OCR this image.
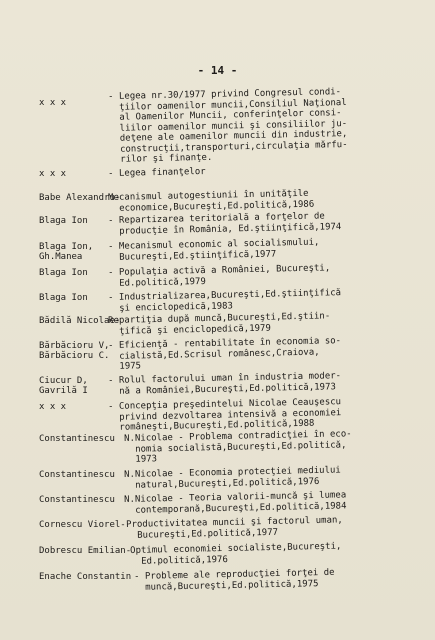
- 14 -
x x x
- Legea nr.30/1977 privind Congresul condi-
ţiilor oamenilor muncii,Consiliul Naţional
al Oamenilor Muncii, conferinţelor consi-
liilor oamenilor muncii şi consiliilor ju-
deţene ale oamenilor muncii din industrie,
construcţii,transporturi,circulaţia mărfu-
rilor şi finanţe.
x x x	- Legea finanţelor
Babe Alexandru-
Mecanismul autogestiunii în unităţile
economice,Bucureşti,Ed.politică,1986
Blaga Ion - Repartizarea teritorială a forţelor de
producţie în România, Ed.ştiinţifică,1974
Blaga Ion,
Gh.Manea
- Mecanismul economic al socialismului,
Bucureşti,Ed.ştiinţifică,1977
Blaga Ion - Populaţia activă a României, Bucureşti,
Ed.politică,1979
Blaga Ion - Industrializarea,Bucureşti,Ed.ştiinţifică
şi enciclopedică,1983
Bădilă Nicolae-
Repartiţia după muncă,Bucureşti,Ed.ştiin-
ţifică şi enciclopedică,1979
Bărbăcioru V,
Bărbăcioru C.
- Eficienţă - rentabilitate în economia so-
cialistă,Ed.Scrisul românesc,Craiova,
1975
Ciucur D,
Gavrilă I
- Rolul factorului uman în industria moder-
nă a României,Bucureşti,Ed.politică,1973
x x x	- Concepţia preşedintelui Nicolae Ceauşescu
privind dezvoltarea intensivă a economiei
româneşti,Bucureşti,Ed.politică,1988
Constantinescu N.Nicolae - Problema contradicţiei în eco-
nomia socialistă,Bucureşti,Ed.politică,
1973
Constantinescu N.Nicolae - Economia protecţiei mediului
natural,Bucureşti,Ed.politică,1976
Constantinescu N.Nicolae - Teoria valorii-muncă şi lumea
contemporană,Bucureşti,Ed.politică,1984
Cornescu Viorel- Productivitatea muncii şi factorul uman,
Bucureşti,Ed.politică,1977
Dobrescu Emilian-
Optimul economiei socialiste,Bucureşti,
Ed.politică,1976
Enache Constantin - Probleme ale reproducţiei forţei de
muncă,Bucureşti,Ed.politică,1975
